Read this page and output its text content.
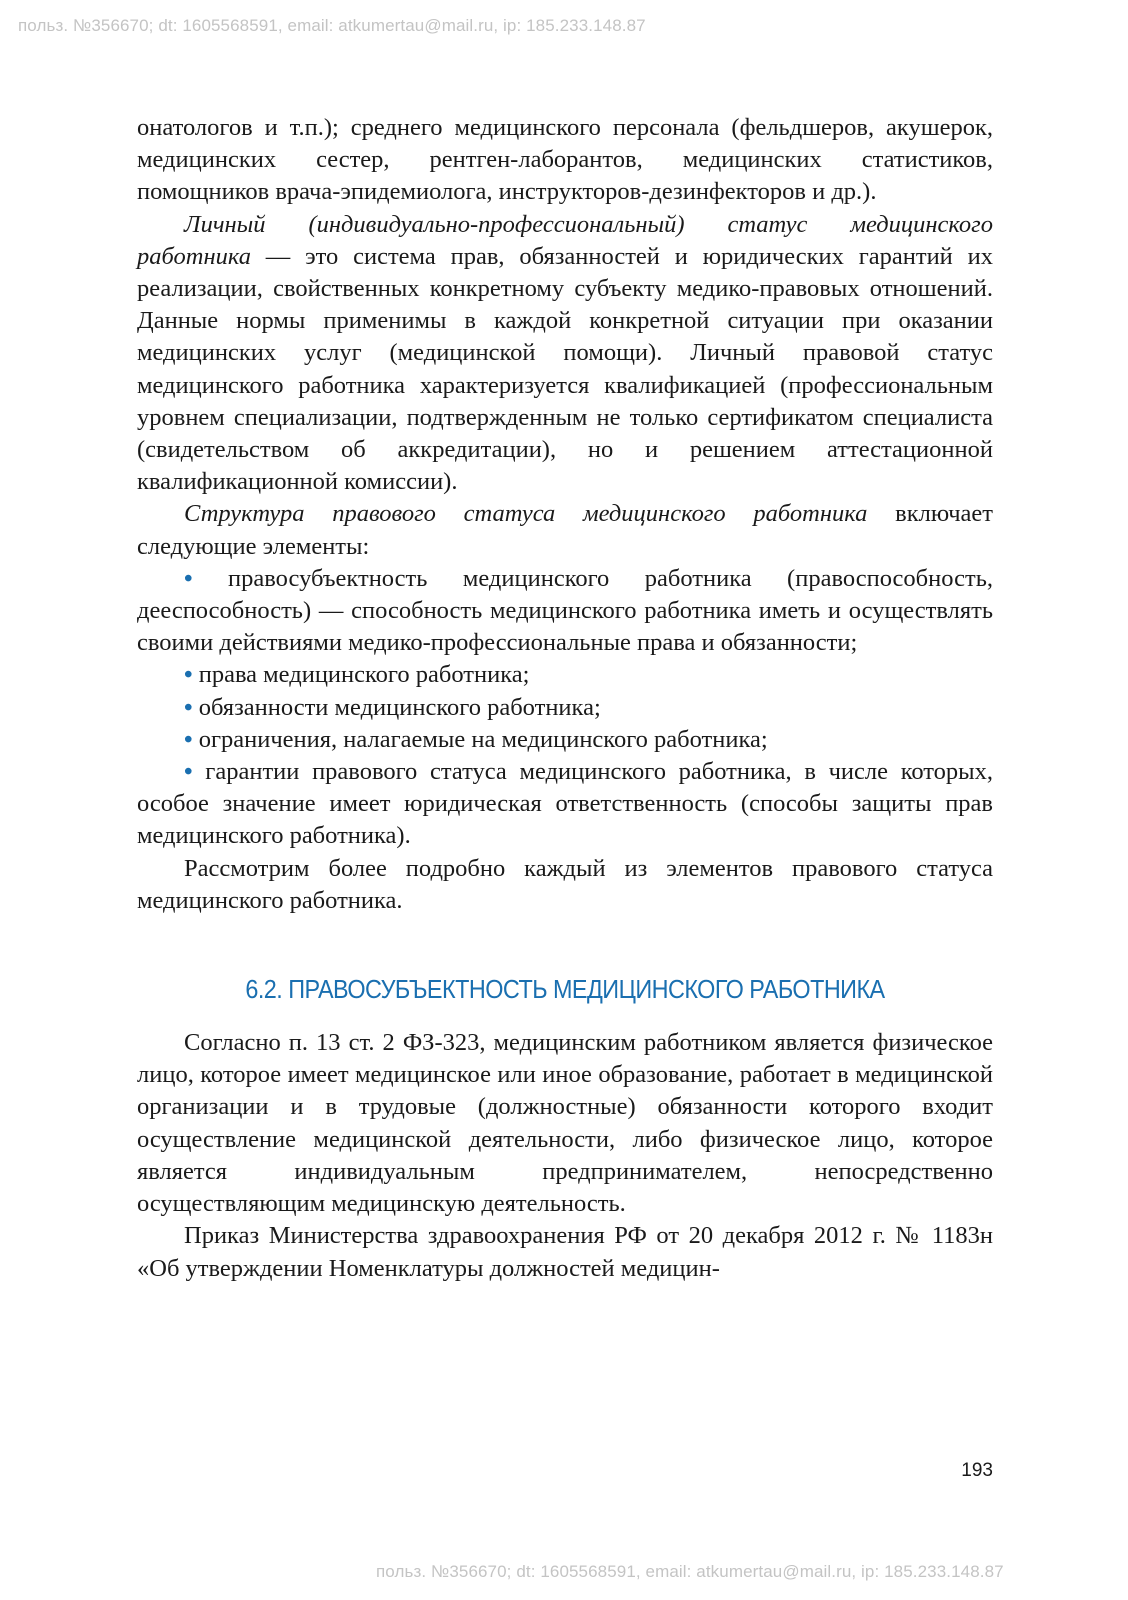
польз. №356670; dt: 1605568591, email: atkumertau@mail.ru, ip: 185.233.148.87

онатологов и т.п.); среднего медицинского персонала (фельдшеров, акушерок, медицинских сестер, рентген-лаборантов, медицинских статистиков, помощников врача-эпидемиолога, инструкторов-дезинфекторов и др.).

Личный (индивидуально-профессиональный) статус медицинского работника — это система прав, обязанностей и юридических гарантий их реализации, свойственных конкретному субъекту медико-правовых отношений. Данные нормы применимы в каждой конкретной ситуации при оказании медицинских услуг (медицинской помощи). Личный правовой статус медицинского работника характеризуется квалификацией (профессиональным уровнем специализации, подтвержденным не только сертификатом специалиста (свидетельством об аккредитации), но и решением аттестационной квалификационной комиссии).

Структура правового статуса медицинского работника включает следующие элементы:

• правосубъектность медицинского работника (правоспособность, дееспособность) — способность медицинского работника иметь и осуществлять своими действиями медико-профессиональные права и обязанности;

• права медицинского работника;

• обязанности медицинского работника;

• ограничения, налагаемые на медицинского работника;

• гарантии правового статуса медицинского работника, в числе которых, особое значение имеет юридическая ответственность (способы защиты прав медицинского работника).

Рассмотрим более подробно каждый из элементов правового статуса медицинского работника.

6.2. ПРАВОСУБЪЕКТНОСТЬ МЕДИЦИНСКОГО РАБОТНИКА

Согласно п. 13 ст. 2 ФЗ-323, медицинским работником является физическое лицо, которое имеет медицинское или иное образование, работает в медицинской организации и в трудовые (должностные) обязанности которого входит осуществление медицинской деятельности, либо физическое лицо, которое является индивидуальным предпринимателем, непосредственно осуществляющим медицинскую деятельность.

Приказ Министерства здравоохранения РФ от 20 декабря 2012 г. № 1183н «Об утверждении Номенклатуры должностей медицин-

193
польз. №356670; dt: 1605568591, email: atkumertau@mail.ru, ip: 185.233.148.87
